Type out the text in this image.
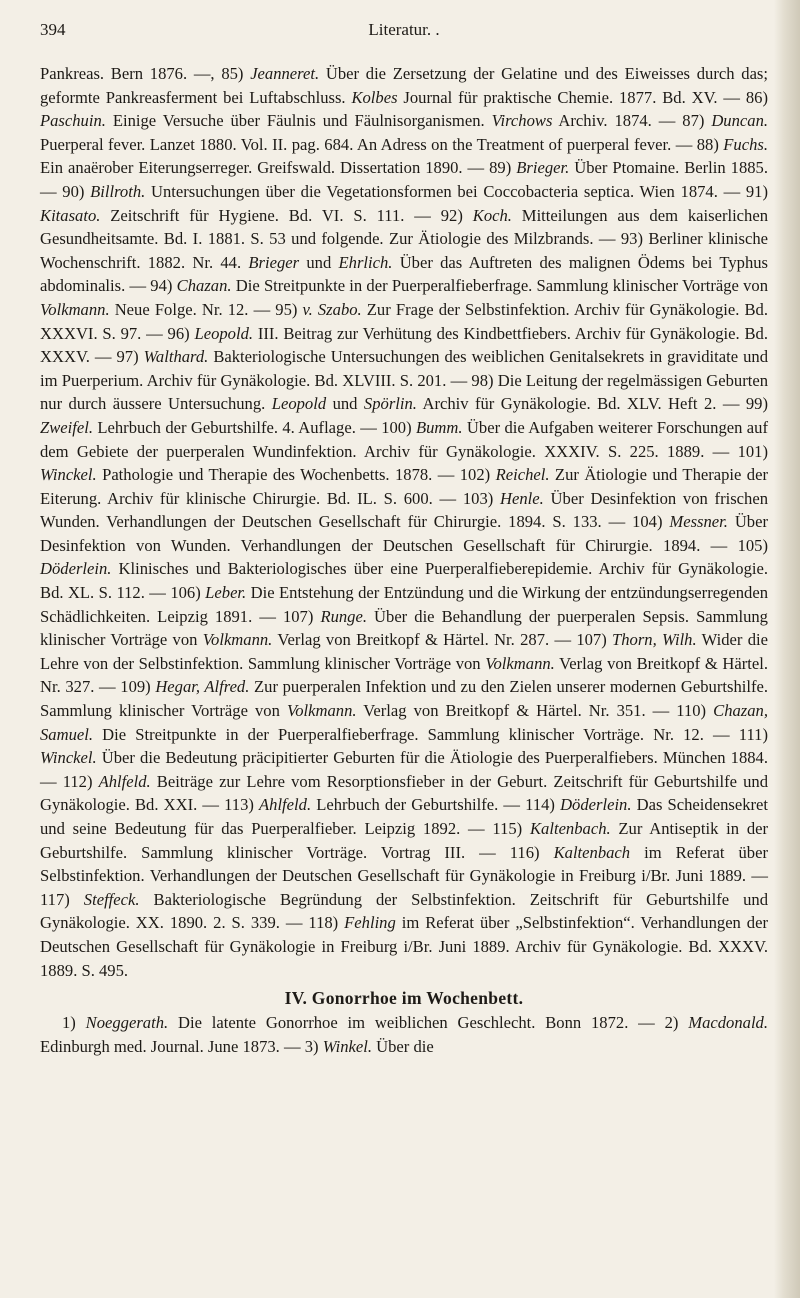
394	Literatur. .

Pankreas. Bern 1876. —, 85) Jeanneret. Über die Zersetzung der Gelatine und des Eiweisses durch das; geformte Pankreasferment bei Luftabschluss. Kolbes Journal für praktische Chemie. 1877. Bd. XV. — 86) Paschuin. Einige Versuche über Fäulnis und Fäulnisorganismen. Virchows Archiv. 1874. — 87) Duncan. Puerperal fever. Lanzet 1880. Vol. II. pag. 684. An Adress on the Treatment of puerperal fever. — 88) Fuchs. Ein anaërober Eiterungserreger. Greifswald. Dissertation 1890. — 89) Brieger. Über Ptomaine. Berlin 1885. — 90) Billroth. Untersuchungen über die Vegetationsformen bei Coccobacteria septica. Wien 1874. — 91) Kitasato. Zeitschrift für Hygiene. Bd. VI. S. 111. — 92) Koch. Mitteilungen aus dem kaiserlichen Gesundheitsamte. Bd. I. 1881. S. 53 und folgende. Zur Ätiologie des Milzbrands. — 93) Berliner klinische Wochenschrift. 1882. Nr. 44. Brieger und Ehrlich. Über das Auftreten des malignen Ödems bei Typhus abdominalis. — 94) Chazan. Die Streitpunkte in der Puerperalfieberfrage. Sammlung klinischer Vorträge von Volkmann. Neue Folge. Nr. 12. — 95) v. Szabo. Zur Frage der Selbstinfektion. Archiv für Gynäkologie. Bd. XXXVI. S. 97. — 96) Leopold. III. Beitrag zur Verhütung des Kindbettfiebers. Archiv für Gynäkologie. Bd. XXXV. — 97) Walthard. Bakteriologische Untersuchungen des weiblichen Genitalsekrets in graviditate und im Puerperium. Archiv für Gynäkologie. Bd. XLVIII. S. 201. — 98) Die Leitung der regelmässigen Geburten nur durch äussere Untersuchung. Leopold und Spörlin. Archiv für Gynäkologie. Bd. XLV. Heft 2. — 99) Zweifel. Lehrbuch der Geburtshilfe. 4. Auflage. — 100) Bumm. Über die Aufgaben weiterer Forschungen auf dem Gebiete der puerperalen Wundinfektion. Archiv für Gynäkologie. XXXIV. S. 225. 1889. — 101) Winckel. Pathologie und Therapie des Wochenbetts. 1878. — 102) Reichel. Zur Ätiologie und Therapie der Eiterung. Archiv für klinische Chirurgie. Bd. IL. S. 600. — 103) Henle. Über Desinfektion von frischen Wunden. Verhandlungen der Deutschen Gesellschaft für Chirurgie. 1894. S. 133. — 104) Messner. Über Desinfektion von Wunden. Verhandlungen der Deutschen Gesellschaft für Chirurgie. 1894. — 105) Döderlein. Klinisches und Bakteriologisches über eine Puerperalfieberepidemie. Archiv für Gynäkologie. Bd. XL. S. 112. — 106) Leber. Die Entstehung der Entzündung und die Wirkung der entzündungserregenden Schädlichkeiten. Leipzig 1891. — 107) Runge. Über die Behandlung der puerperalen Sepsis. Sammlung klinischer Vorträge von Volkmann. Verlag von Breitkopf & Härtel. Nr. 287. — 107) Thorn, Wilh. Wider die Lehre von der Selbstinfektion. Sammlung klinischer Vorträge von Volkmann. Verlag von Breitkopf & Härtel. Nr. 327. — 109) Hegar, Alfred. Zur puerperalen Infektion und zu den Zielen unserer modernen Geburtshilfe. Sammlung klinischer Vorträge von Volkmann. Verlag von Breitkopf & Härtel. Nr. 351. — 110) Chazan, Samuel. Die Streitpunkte in der Puerperalfieberfrage. Sammlung klinischer Vorträge. Nr. 12. — 111) Winckel. Über die Bedeutung präcipitierter Geburten für die Ätiologie des Puerperalfiebers. München 1884. — 112) Ahlfeld. Beiträge zur Lehre vom Resorptionsfieber in der Geburt. Zeitschrift für Geburtshilfe und Gynäkologie. Bd. XXI. — 113) Ahlfeld. Lehrbuch der Geburtshilfe. — 114) Döderlein. Das Scheidensekret und seine Bedeutung für das Puerperalfieber. Leipzig 1892. — 115) Kaltenbach. Zur Antiseptik in der Geburtshilfe. Sammlung klinischer Vorträge. Vortrag III. — 116) Kaltenbach im Referat über Selbstinfektion. Verhandlungen der Deutschen Gesellschaft für Gynäkologie in Freiburg i/Br. Juni 1889. — 117) Steffeck. Bakteriologische Begründung der Selbstinfektion. Zeitschrift für Geburtshilfe und Gynäkologie. XX. 1890. 2. S. 339. — 118) Fehling im Referat über „Selbstinfektion“. Verhandlungen der Deutschen Gesellschaft für Gynäkologie in Freiburg i/Br. Juni 1889. Archiv für Gynäkologie. Bd. XXXV. 1889. S. 495.

IV. Gonorrhoe im Wochenbett.

1) Noeggerath. Die latente Gonorrhoe im weiblichen Geschlecht. Bonn 1872. — 2) Macdonald. Edinburgh med. Journal. June 1873. — 3) Winkel. Über die
